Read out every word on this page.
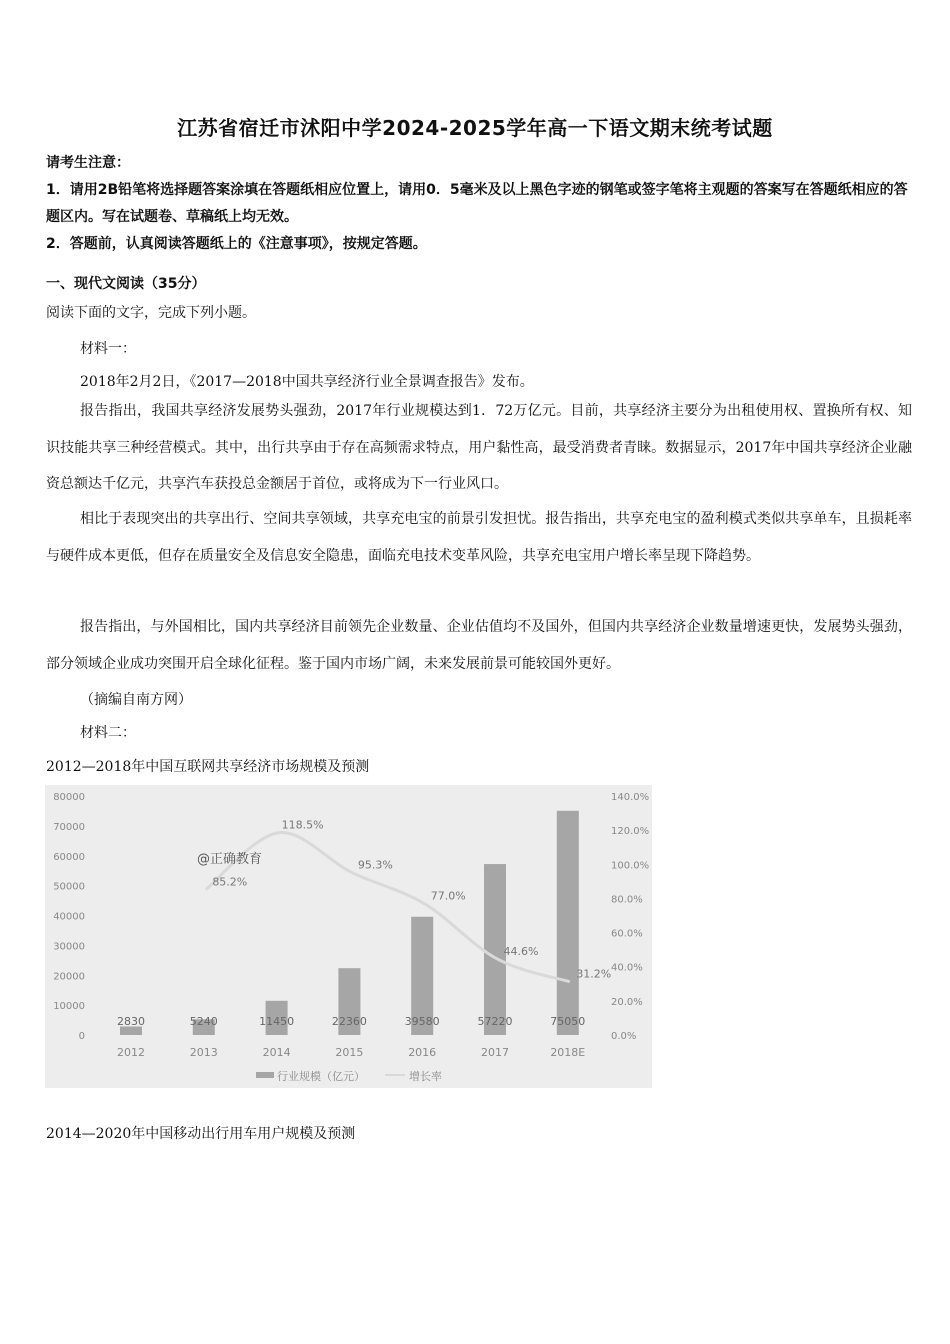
江苏省宿迁市沭阳中学2024-2025学年高一下语文期末统考试题
请考生注意：
1．请用2B铅笔将选择题答案涂填在答题纸相应位置上，请用0．5毫米及以上黑色字迹的钢笔或签字笔将主观题的答案写在答题纸相应的答题区内。写在试题卷、草稿纸上均无效。
2．答题前，认真阅读答题纸上的《注意事项》，按规定答题。
一、现代文阅读（35分）
阅读下面的文字，完成下列小题。
材料一：
2018年2月2日，《2017—2018中国共享经济行业全景调查报告》发布。
报告指出，我国共享经济发展势头强劲，2017年行业规模达到1．72万亿元。目前，共享经济主要分为出租使用权、置换所有权、知识技能共享三种经营模式。其中，出行共享由于存在高频需求特点，用户黏性高，最受消费者青睐。数据显示，2017年中国共享经济企业融资总额达千亿元，共享汽车获投总金额居于首位，或将成为下一行业风口。
相比于表现突出的共享出行、空间共享领域，共享充电宝的前景引发担忧。报告指出，共享充电宝的盈利模式类似共享单车，且损耗率与硬件成本更低，但存在质量安全及信息安全隐患，面临充电技术变革风险，共享充电宝用户增长率呈现下降趋势。
报告指出，与外国相比，国内共享经济目前领先企业数量、企业估值均不及国外，但国内共享经济企业数量增速更快，发展势头强劲，部分领域企业成功突围开启全球化征程。鉴于国内市场广阔，未来发展前景可能较国外更好。
（摘编自南方网）
材料二：
2012—2018年中国互联网共享经济市场规模及预测
0
10000
20000
30000
40000
50000
60000
70000
80000
0.0%
20.0%
40.0%
60.0%
80.0%
100.0%
120.0%
140.0%
2830	5240	11450	22360	39580	57220	75050
85.2%
118.5%
95.3%
77.0%
44.6%
31.2%
2012	2013	2014	2015	2016	2017	2018E
@正确教育
行业规模（亿元）	增长率
2014—2020年中国移动出行用车用户规模及预测
